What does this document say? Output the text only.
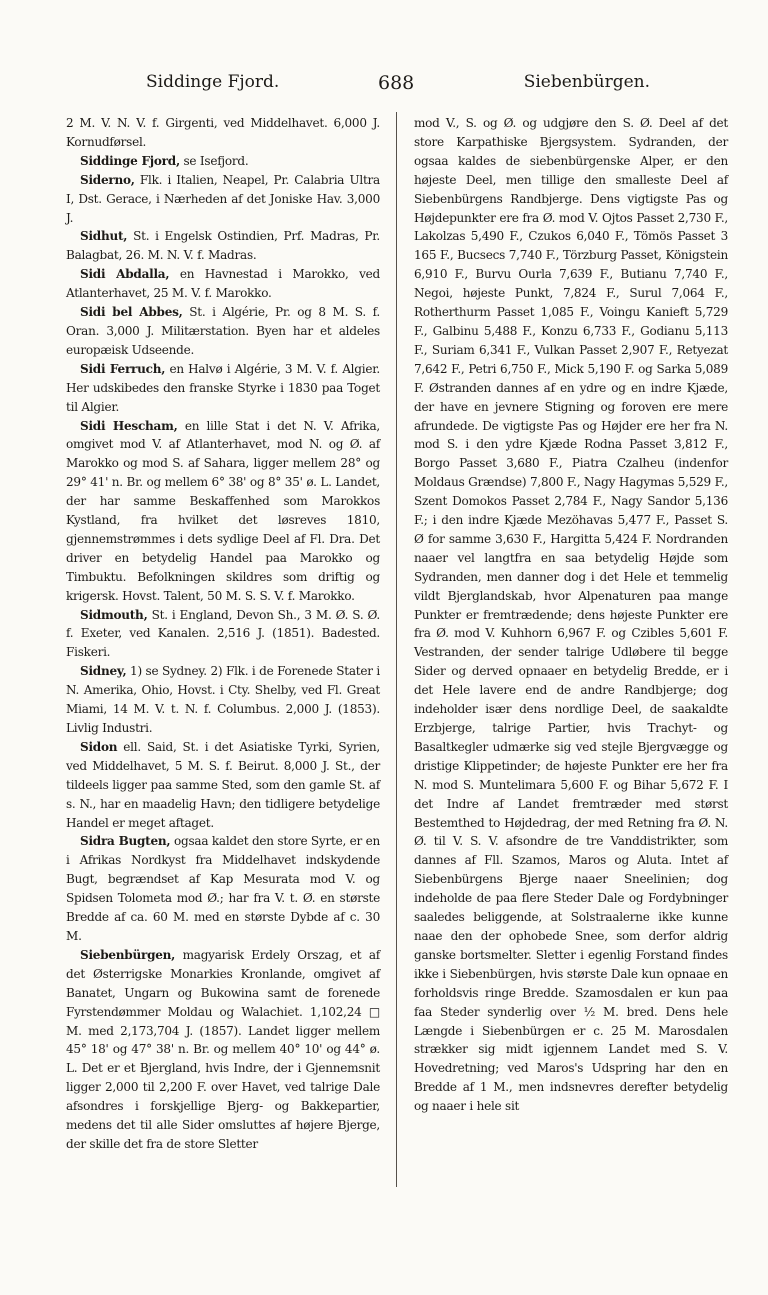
Siddinge Fjord.	688	Siebenbürgen.

2 M. V. N. V. f. Girgenti, ved Middelhavet. 6,000 J. Kornudførsel.

Siddinge Fjord, se Isefjord.

Siderno, Flk. i Italien, Neapel, Pr. Calabria Ultra I, Dst. Gerace, i Nærheden af det Joniske Hav. 3,000 J.

Sidhut, St. i Engelsk Ostindien, Prf. Madras, Pr. Balagbat, 26. M. N. V. f. Madras.

Sidi Abdalla, en Havnestad i Marokko, ved Atlanterhavet, 25 M. V. f. Marokko.

Sidi bel Abbes, St. i Algérie, Pr. og 8 M. S. f. Oran. 3,000 J. Militærstation. Byen har et aldeles europæisk Udseende.

Sidi Ferruch, en Halvø i Algérie, 3 M. V. f. Algier. Her udskibedes den franske Styrke i 1830 paa Toget til Algier.

Sidi Hescham, en lille Stat i det N. V. Afrika, omgivet mod V. af Atlanterhavet, mod N. og Ø. af Marokko og mod S. af Sahara, ligger mellem 28° og 29° 41' n. Br. og mellem 6° 38' og 8° 35' ø. L. Landet, der har samme Beskaffenhed som Marokkos Kystland, fra hvilket det løsreves 1810, gjennemstrømmes i dets sydlige Deel af Fl. Dra. Det driver en betydelig Handel paa Marokko og Timbuktu. Befolkningen skildres som driftig og krigersk. Hovst. Talent, 50 M. S. S. V. f. Marokko.

Sidmouth, St. i England, Devon Sh., 3 M. Ø. S. Ø. f. Exeter, ved Kanalen. 2,516 J. (1851). Badested. Fiskeri.

Sidney, 1) se Sydney. 2) Flk. i de Forenede Stater i N. Amerika, Ohio, Hovst. i Cty. Shelby, ved Fl. Great Miami, 14 M. V. t. N. f. Columbus. 2,000 J. (1853). Livlig Industri.

Sidon ell. Said, St. i det Asiatiske Tyrki, Syrien, ved Middelhavet, 5 M. S. f. Beirut. 8,000 J. St., der tildeels ligger paa samme Sted, som den gamle St. af s. N., har en maadelig Havn; den tidligere betydelige Handel er meget aftaget.

Sidra Bugten, ogsaa kaldet den store Syrte, er en i Afrikas Nordkyst fra Middelhavet indskydende Bugt, begrændset af Kap Mesurata mod V. og Spidsen Tolometa mod Ø.; har fra V. t. Ø. en største Bredde af ca. 60 M. med en største Dybde af c. 30 M.

Siebenbürgen, magyarisk Erdely Orszag, et af det Østerrigske Monarkies Kronlande, omgivet af Banatet, Ungarn og Bukowina samt de forenede Fyrstendømmer Moldau og Walachiet. 1,102,24 □ M. med 2,173,704 J. (1857). Landet ligger mellem 45° 18' og 47° 38' n. Br. og mellem 40° 10' og 44° ø. L. Det er et Bjergland, hvis Indre, der i Gjennemsnit ligger 2,000 til 2,200 F. over Havet, ved talrige Dale afsondres i forskjellige Bjerg- og Bakkepartier, medens det til alle Sider omsluttes af højere Bjerge, der skille det fra de store Sletter

mod V., S. og Ø. og udgjøre den S. Ø. Deel af det store Karpathiske Bjergsystem. Sydranden, der ogsaa kaldes de siebenbürgenske Alper, er den højeste Deel, men tillige den smalleste Deel af Siebenbürgens Randbjerge. Dens vigtigste Pas og Højdepunkter ere fra Ø. mod V. Ojtos Passet 2,730 F., Lakolzas 5,490 F., Czukos 6,040 F., Tömös Passet 3 165 F., Bucsecs 7,740 F., Törzburg Passet, Königstein 6,910 F., Burvu Ourla 7,639 F., Butianu 7,740 F., Negoi, højeste Punkt, 7,824 F., Surul 7,064 F., Rotherthurm Passet 1,085 F., Voingu Kanieft 5,729 F., Galbinu 5,488 F., Konzu 6,733 F., Godianu 5,113 F., Suriam 6,341 F., Vulkan Passet 2,907 F., Retyezat 7,642 F., Petri 6,750 F., Mick 5,190 F. og Sarka 5,089 F. Østranden dannes af en ydre og en indre Kjæde, der have en jevnere Stigning og foroven ere mere afrundede. De vigtigste Pas og Højder ere her fra N. mod S. i den ydre Kjæde Rodna Passet 3,812 F., Borgo Passet 3,680 F., Piatra Czalheu (indenfor Moldaus Grændse) 7,800 F., Nagy Hagymas 5,529 F., Szent Domokos Passet 2,784 F., Nagy Sandor 5,136 F.; i den indre Kjæde Mezöhavas 5,477 F., Passet S. Ø for samme 3,630 F., Hargitta 5,424 F. Nordranden naaer vel langtfra en saa betydelig Højde som Sydranden, men danner dog i det Hele et temmelig vildt Bjerglandskab, hvor Alpenaturen paa mange Punkter er fremtrædende; dens højeste Punkter ere fra Ø. mod V. Kuhhorn 6,967 F. og Czibles 5,601 F. Vestranden, der sender talrige Udløbere til begge Sider og derved opnaaer en betydelig Bredde, er i det Hele lavere end de andre Randbjerge; dog indeholder især dens nordlige Deel, de saakaldte Erzbjerge, talrige Partier, hvis Trachyt- og Basaltkegler udmærke sig ved stejle Bjergvægge og dristige Klippetinder; de højeste Punkter ere her fra N. mod S. Muntelimara 5,600 F. og Bihar 5,672 F. I det Indre af Landet fremtræder med størst Bestemthed to Højdedrag, der med Retning fra Ø. N. Ø. til V. S. V. afsondre de tre Vanddistrikter, som dannes af Fll. Szamos, Maros og Aluta. Intet af Siebenbürgens Bjerge naaer Sneelinien; dog indeholde de paa flere Steder Dale og Fordybninger saaledes beliggende, at Solstraalerne ikke kunne naae den der ophobede Snee, som derfor aldrig ganske bortsmelter. Sletter i egenlig Forstand findes ikke i Siebenbürgen, hvis største Dale kun opnaae en forholdsvis ringe Bredde. Szamosdalen er kun paa faa Steder synderlig over ½ M. bred. Dens hele Længde i Siebenbürgen er c. 25 M. Marosdalen strækker sig midt igjennem Landet med S. V. Hovedretning; ved Maros's Udspring har den en Bredde af 1 M., men indsnevres derefter betydelig og naaer i hele sit
